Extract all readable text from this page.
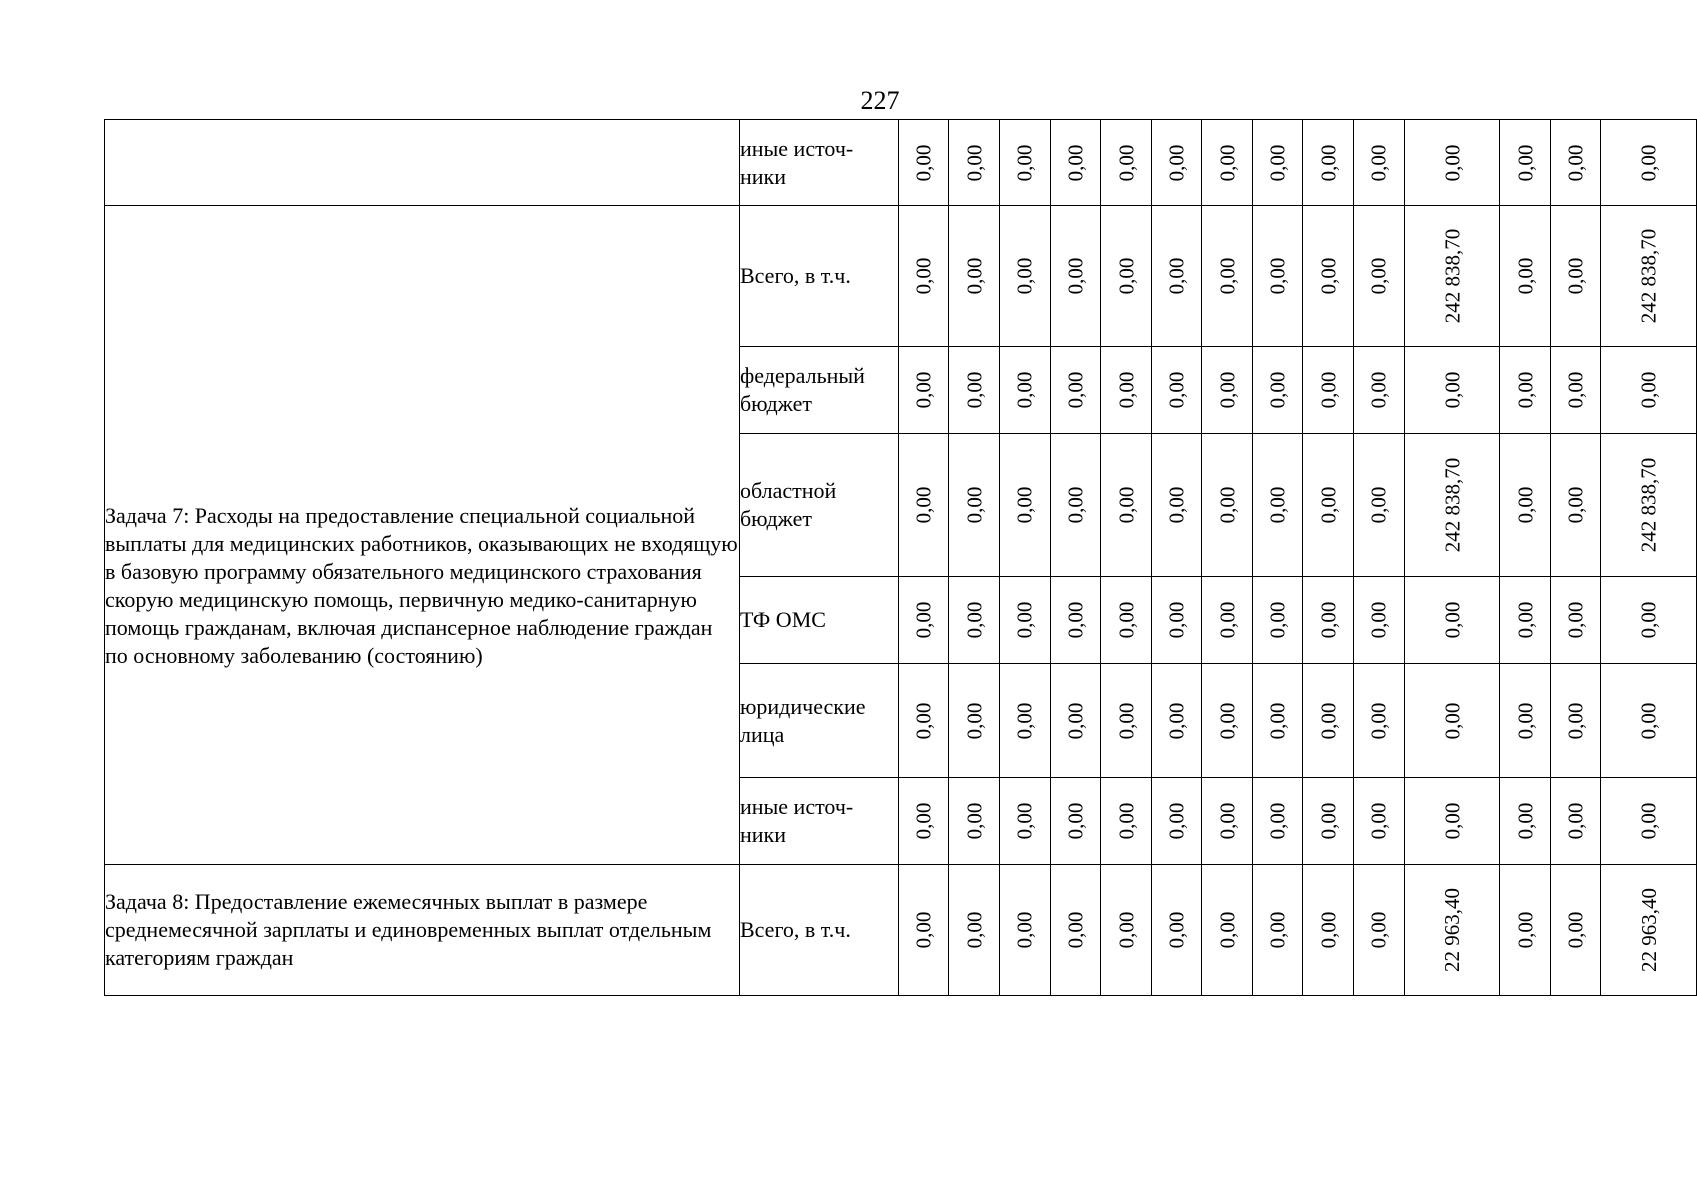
227
	иные источ-ники	0,00	0,00	0,00	0,00	0,00	0,00	0,00	0,00	0,00	0,00	0,00	0,00	0,00	0,00

Задача 7: Расходы на предоставление специальной социальной выплаты для медицинских работников, оказывающих не входящую в базовую программу обязательного медицинского страхования скорую медицинскую помощь, первичную медико-санитарную помощь гражданам, включая диспансерное наблюдение граждан по основному заболеванию (состоянию)	Всего, в т.ч.	0,00	0,00	0,00	0,00	0,00	0,00	0,00	0,00	0,00	0,00	242 838,70	0,00	0,00	242 838,70
	федеральный бюджет	0,00	0,00	0,00	0,00	0,00	0,00	0,00	0,00	0,00	0,00	0,00	0,00	0,00	0,00
	областной бюджет	0,00	0,00	0,00	0,00	0,00	0,00	0,00	0,00	0,00	0,00	242 838,70	0,00	0,00	242 838,70
	ТФ ОМС	0,00	0,00	0,00	0,00	0,00	0,00	0,00	0,00	0,00	0,00	0,00	0,00	0,00	0,00
	юридические лица	0,00	0,00	0,00	0,00	0,00	0,00	0,00	0,00	0,00	0,00	0,00	0,00	0,00	0,00
	иные источ-ники	0,00	0,00	0,00	0,00	0,00	0,00	0,00	0,00	0,00	0,00	0,00	0,00	0,00	0,00
Задача 8: Предоставление ежемесячных выплат в размере среднемесячной зарплаты и единовременных выплат отдельным категориям граждан	Всего, в т.ч.	0,00	0,00	0,00	0,00	0,00	0,00	0,00	0,00	0,00	0,00	22 963,40	0,00	0,00	22 963,40
